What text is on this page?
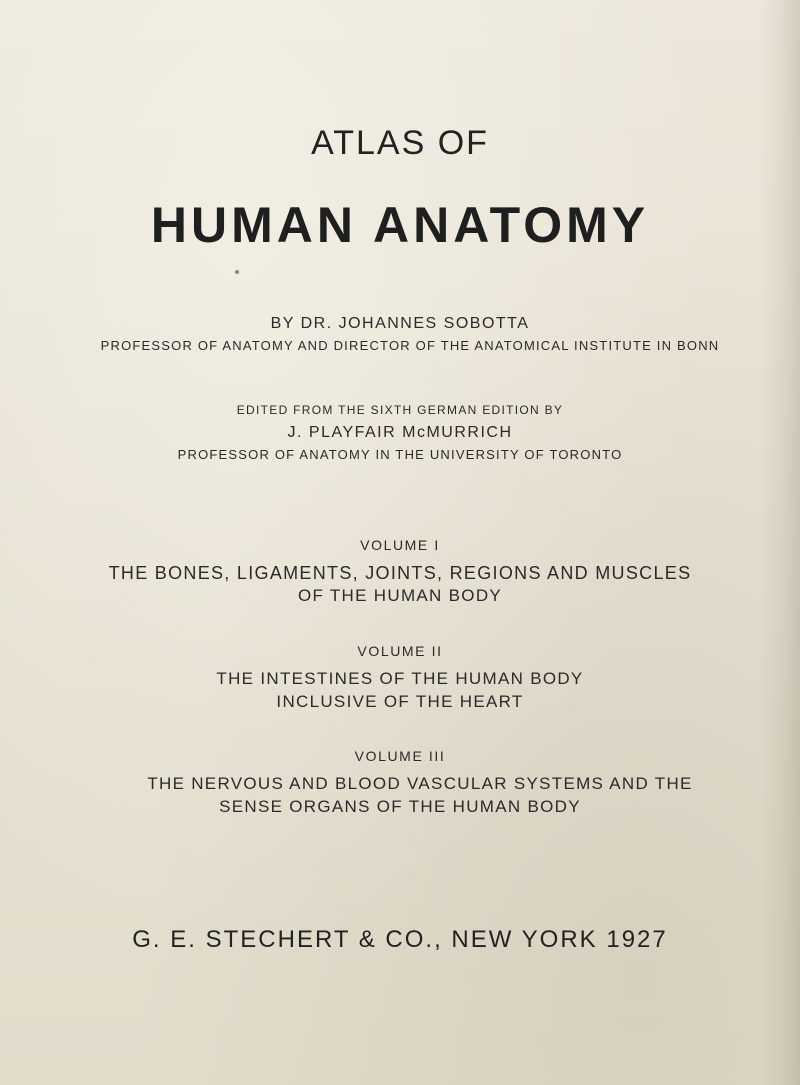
ATLAS OF
HUMAN ANATOMY
BY DR. JOHANNES SOBOTTA
PROFESSOR OF ANATOMY AND DIRECTOR OF THE ANATOMICAL INSTITUTE IN BONN
EDITED FROM THE SIXTH GERMAN EDITION BY
J. PLAYFAIR McMURRICH
PROFESSOR OF ANATOMY IN THE UNIVERSITY OF TORONTO
VOLUME I
THE BONES, LIGAMENTS, JOINTS, REGIONS AND MUSCLES
OF THE HUMAN BODY
VOLUME II
THE INTESTINES OF THE HUMAN BODY
INCLUSIVE OF THE HEART
VOLUME III
THE NERVOUS AND BLOOD VASCULAR SYSTEMS AND THE
SENSE ORGANS OF THE HUMAN BODY
G. E. STECHERT & CO., NEW YORK 1927
